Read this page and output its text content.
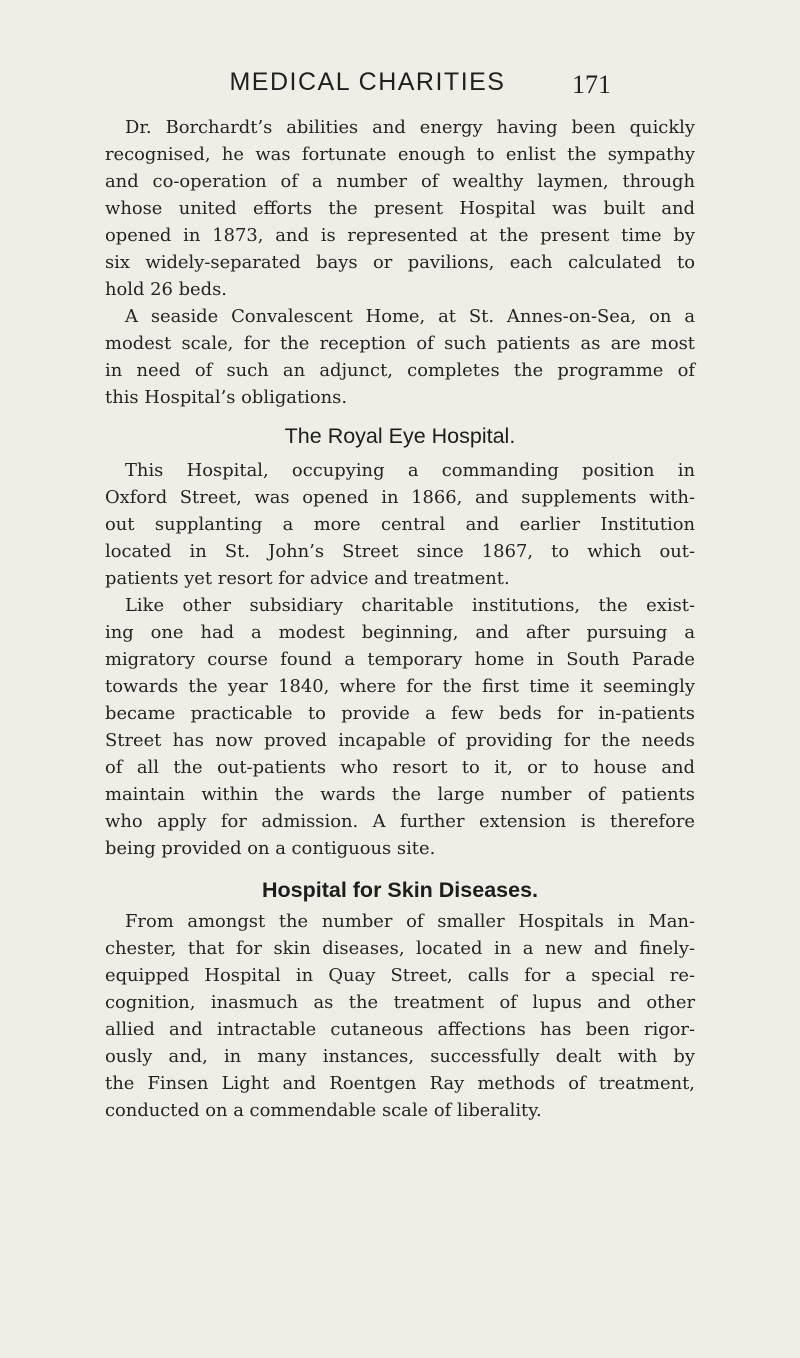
MEDICAL CHARITIES	171
Dr. Borchardt’s abilities and energy having been quickly
recognised, he was fortunate enough to enlist the sympathy
and co-operation of a number of wealthy laymen, through
whose united efforts the present Hospital was built and
opened in 1873, and is represented at the present time by
six widely-separated bays or pavilions, each calculated to
hold 26 beds.
A seaside Convalescent Home, at St. Annes-on-Sea, on a
modest scale, for the reception of such patients as are most
in need of such an adjunct, completes the programme of
this Hospital’s obligations.
The Royal Eye Hospital.
This Hospital, occupying a commanding position in
Oxford Street, was opened in 1866, and supplements with-
out supplanting a more central and earlier Institution
located in St. John’s Street since 1867, to which out-
patients yet resort for advice and treatment.
Like other subsidiary charitable institutions, the exist-
ing one had a modest beginning, and after pursuing a
migratory course found a temporary home in South Parade
towards the year 1840, where for the first time it seemingly
became practicable to provide a few beds for in-patients
Street has now proved incapable of providing for the needs
of all the out-patients who resort to it, or to house and
maintain within the wards the large number of patients
who apply for admission. A further extension is therefore
being provided on a contiguous site.
Hospital for Skin Diseases.
From amongst the number of smaller Hospitals in Man-
chester, that for skin diseases, located in a new and finely-
equipped Hospital in Quay Street, calls for a special re-
cognition, inasmuch as the treatment of lupus and other
allied and intractable cutaneous affections has been rigor-
ously and, in many instances, successfully dealt with by
the Finsen Light and Roentgen Ray methods of treatment,
conducted on a commendable scale of liberality.
